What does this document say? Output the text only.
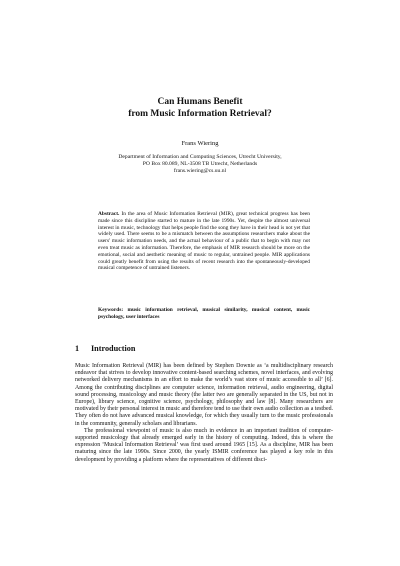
Can Humans Benefit
from Music Information Retrieval?
Frans Wiering
Department of Information and Computing Sciences, Utrecht University,
PO Box 80.089, NL-3508 TB Utrecht, Netherlands
frans.wiering@cs.uu.nl
Abstract. In the area of Music Information Retrieval (MIR), great technical progress has been made since this discipline started to mature in the late 1990s. Yet, despite the almost universal interest in music, technology that helps people find the song they have in their head is not yet that widely used. There seems to be a mismatch between the assumptions researchers make about the users' music information needs, and the actual behaviour of a public that to begin with may not even treat music as information. Therefore, the emphasis of MIR research should be more on the emotional, social and aesthetic meaning of music to regular, untrained people. MIR applications could greatly benefit from using the results of recent research into the spontaneously-developed musical competence of untrained listeners.
Keywords: music information retrieval, musical similarity, musical content, music psychology, user interfaces
1 Introduction

Music Information Retrieval (MIR) has been defined by Stephen Downie as ‘a multidisciplinary research endeavor that strives to develop innovative content-based searching schemes, novel interfaces, and evolving networked delivery mechanisms in an effort to make the world’s vast store of music accessible to all’ [6]. Among the contributing disciplines are computer science, information retrieval, audio engineering, digital sound processing, musicology and music theory (the latter two are generally separated in the US, but not in Europe), library science, cognitive science, psychology, philosophy and law [8]. Many researchers are motivated by their personal interest in music and therefore tend to use their own audio collection as a testbed. They often do not have advanced musical knowledge, for which they usually turn to the music professionals in the community, generally scholars and librarians.

The professional viewpoint of music is also much in evidence in an important tradition of computer-supported musicology that already emerged early in the history of computing. Indeed, this is where the expression ‘Musical Information Retrieval’ was first used around 1965 [15]. As a discipline, MIR has been maturing since the late 1990s. Since 2000, the yearly ISMIR conference has played a key role in this development by providing a platform where the representatives of different disci-
